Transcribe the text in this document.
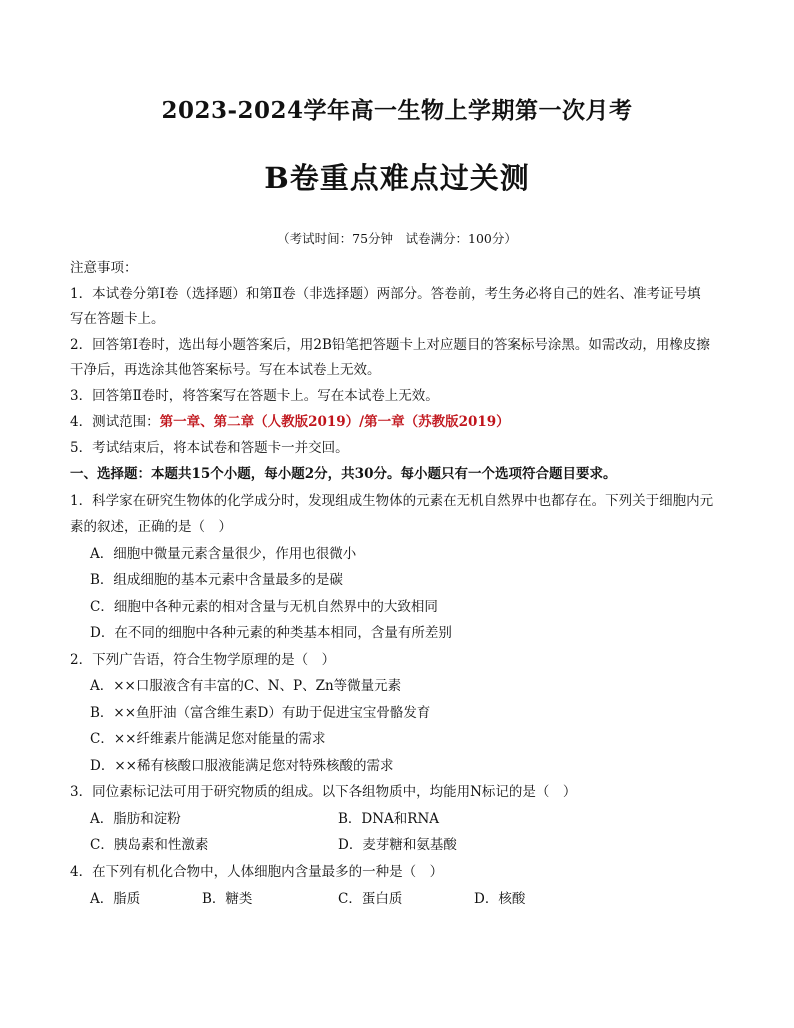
2023-2024学年高一生物上学期第一次月考
B卷重点难点过关测
（考试时间：75分钟　试卷满分：100分）
注意事项：
1．本试卷分第Ⅰ卷（选择题）和第Ⅱ卷（非选择题）两部分。答卷前，考生务必将自己的姓名、准考证号填
写在答题卡上。
2．回答第Ⅰ卷时，选出每小题答案后，用2B铅笔把答题卡上对应题目的答案标号涂黑。如需改动，用橡皮擦
干净后，再选涂其他答案标号。写在本试卷上无效。
3．回答第Ⅱ卷时，将答案写在答题卡上。写在本试卷上无效。
4．测试范围：第一章、第二章（人教版2019）/第一章（苏教版2019）
5．考试结束后，将本试卷和答题卡一并交回。
一、选择题：本题共15个小题，每小题2分，共30分。每小题只有一个选项符合题目要求。
1．科学家在研究生物体的化学成分时，发现组成生物体的元素在无机自然界中也都存在。下列关于细胞内元
素的叙述，正确的是（　）
A．细胞中微量元素含量很少，作用也很微小
B．组成细胞的基本元素中含量最多的是碳
C．细胞中各种元素的相对含量与无机自然界中的大致相同
D．在不同的细胞中各种元素的种类基本相同，含量有所差别
2．下列广告语，符合生物学原理的是（　）
A．××口服液含有丰富的C、N、P、Zn等微量元素
B．××鱼肝油（富含维生素D）有助于促进宝宝骨骼发育
C．××纤维素片能满足您对能量的需求
D．××稀有核酸口服液能满足您对特殊核酸的需求
3．同位素标记法可用于研究物质的组成。以下各组物质中，均能用N标记的是（　）
A．脂肪和淀粉	B．DNA和RNA
C．胰岛素和性激素	D．麦芽糖和氨基酸
4．在下列有机化合物中，人体细胞内含量最多的一种是（　）
A．脂质	B．糖类	C．蛋白质	D．核酸
